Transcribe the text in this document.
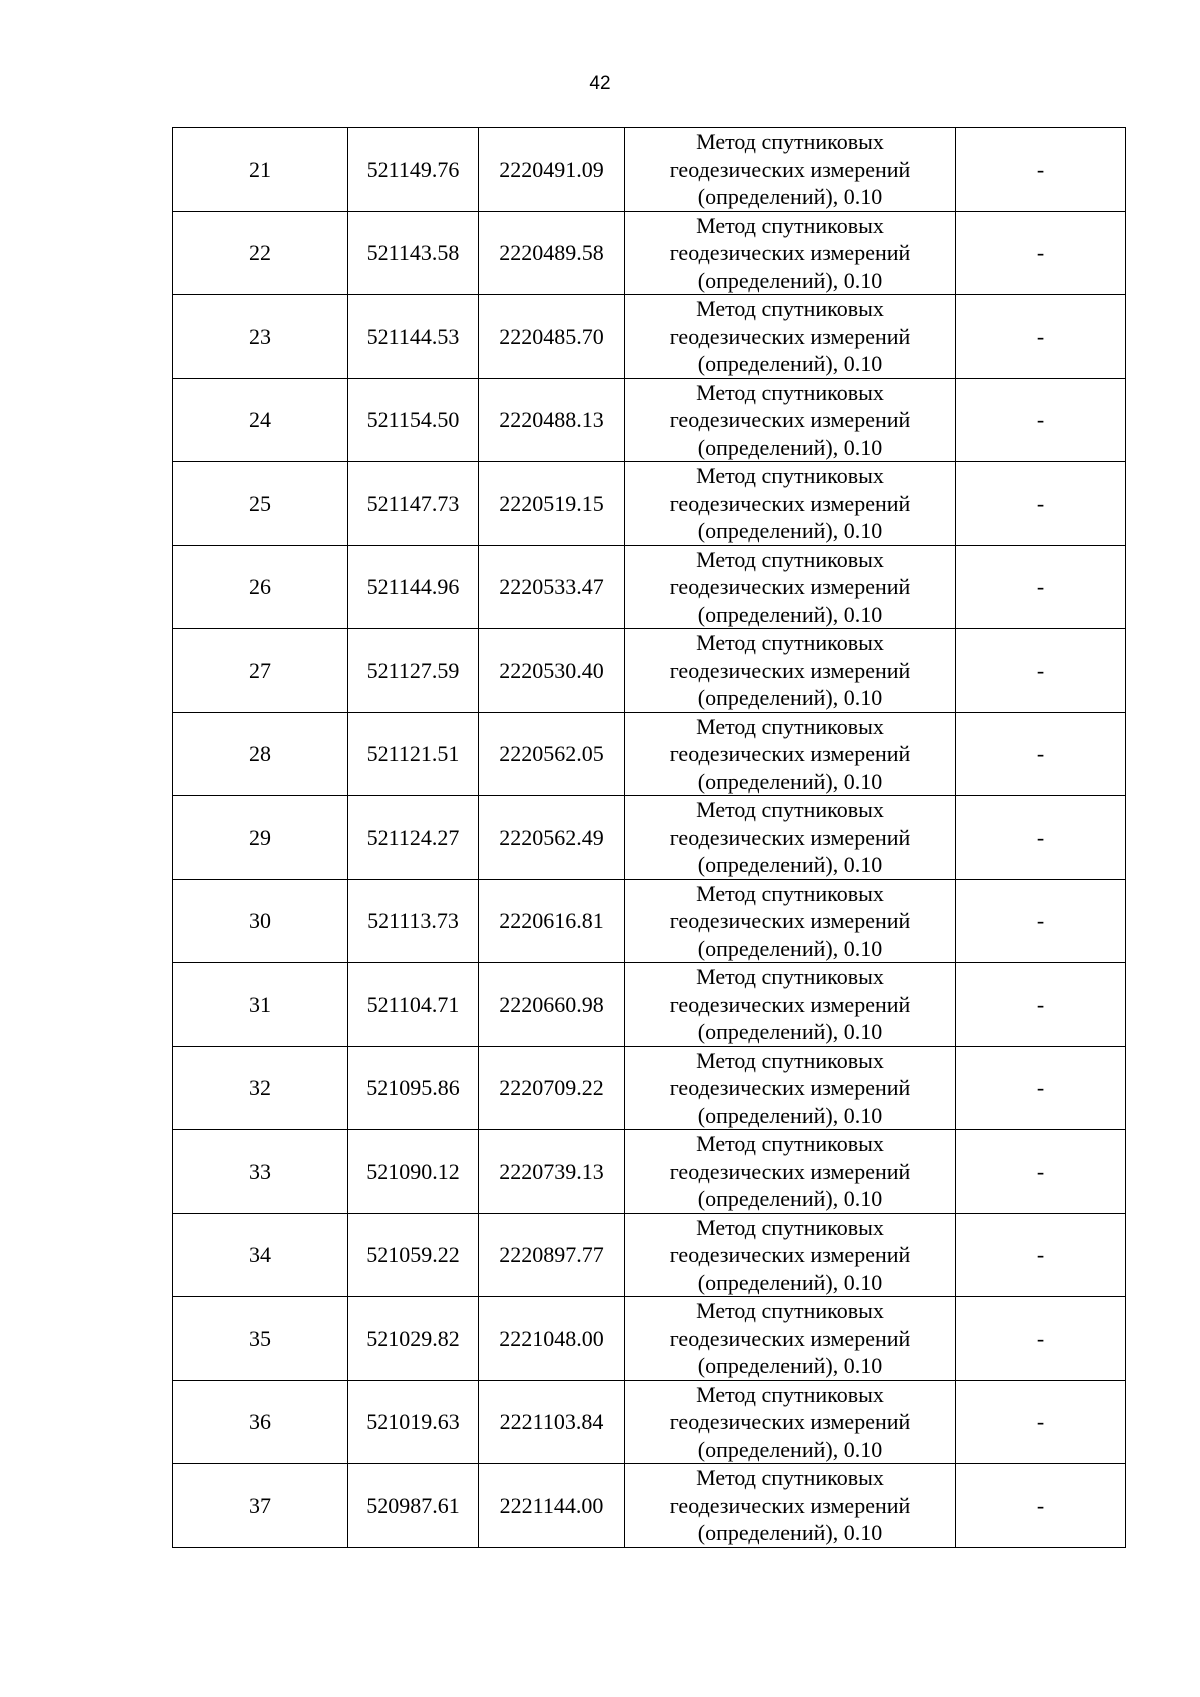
42
21	521149.76	2220491.09	Метод спутниковых
геодезических измерений
(определений), 0.10	-
22	521143.58	2220489.58	Метод спутниковых
геодезических измерений
(определений), 0.10	-
23	521144.53	2220485.70	Метод спутниковых
геодезических измерений
(определений), 0.10	-
24	521154.50	2220488.13	Метод спутниковых
геодезических измерений
(определений), 0.10	-
25	521147.73	2220519.15	Метод спутниковых
геодезических измерений
(определений), 0.10	-
26	521144.96	2220533.47	Метод спутниковых
геодезических измерений
(определений), 0.10	-
27	521127.59	2220530.40	Метод спутниковых
геодезических измерений
(определений), 0.10	-
28	521121.51	2220562.05	Метод спутниковых
геодезических измерений
(определений), 0.10	-
29	521124.27	2220562.49	Метод спутниковых
геодезических измерений
(определений), 0.10	-
30	521113.73	2220616.81	Метод спутниковых
геодезических измерений
(определений), 0.10	-
31	521104.71	2220660.98	Метод спутниковых
геодезических измерений
(определений), 0.10	-
32	521095.86	2220709.22	Метод спутниковых
геодезических измерений
(определений), 0.10	-
33	521090.12	2220739.13	Метод спутниковых
геодезических измерений
(определений), 0.10	-
34	521059.22	2220897.77	Метод спутниковых
геодезических измерений
(определений), 0.10	-
35	521029.82	2221048.00	Метод спутниковых
геодезических измерений
(определений), 0.10	-
36	521019.63	2221103.84	Метод спутниковых
геодезических измерений
(определений), 0.10	-
37	520987.61	2221144.00	Метод спутниковых
геодезических измерений
(определений), 0.10	-
